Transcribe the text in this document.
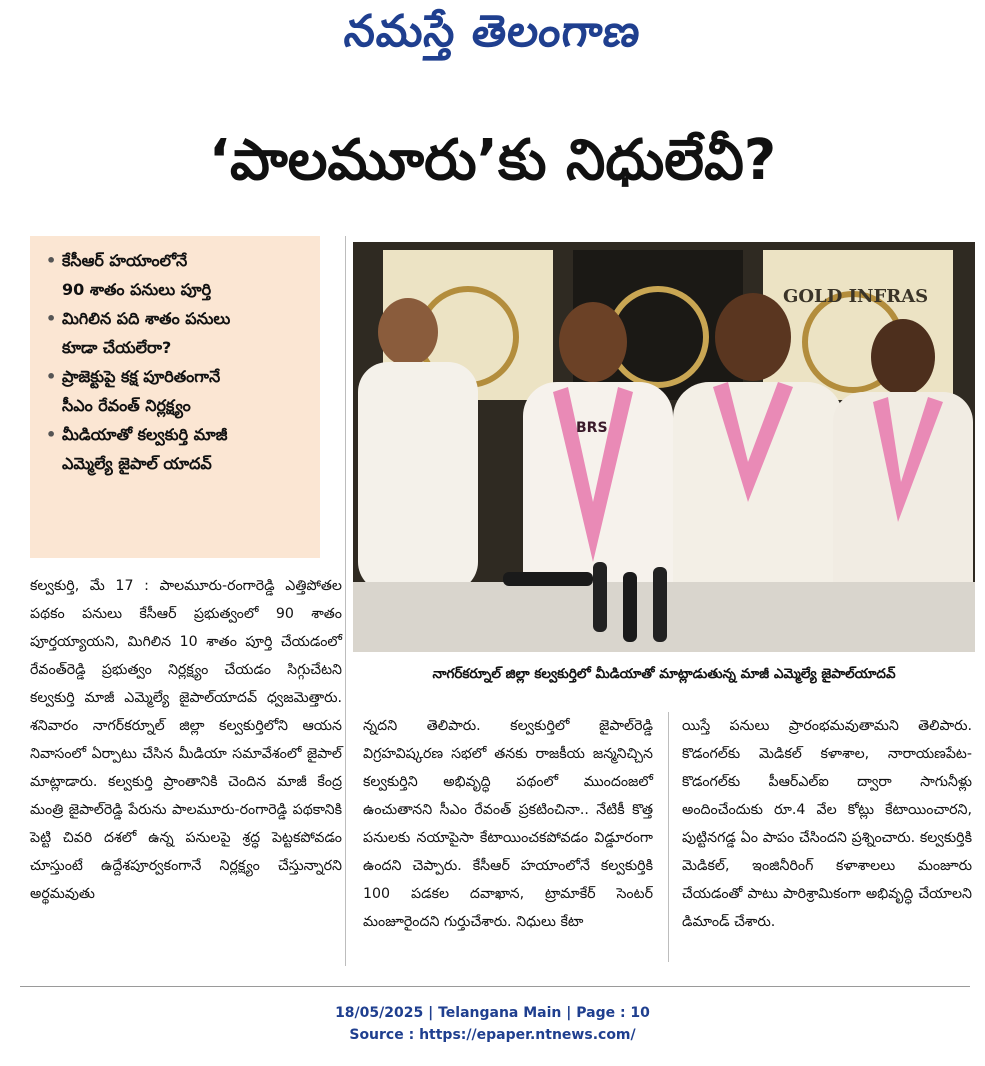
నమస్తే తెలంగాణ
‘పాలమూరు’కు నిధులేవీ?
• కేసీఆర్ హయాంలోనే
90 శాతం పనులు పూర్తి
• మిగిలిన పది శాతం పనులు
కూడా చేయలేరా?
• ప్రాజెక్టుపై కక్ష పూరితంగానే
సీఎం రేవంత్ నిర్లక్ష్యం
• మీడియాతో కల్వకుర్తి మాజీ
ఎమ్మెల్యే జైపాల్ యాదవ్
GOLD INFRAS
BRS
నాగర్‌కర్నూల్ జిల్లా కల్వకుర్తిలో మీడియాతో మాట్లాడుతున్న మాజీ ఎమ్మెల్యే జైపాల్‌యాదవ్

కల్వకుర్తి, మే 17 : పాలమూరు-రంగారెడ్డి ఎత్తిపోతల పథకం పనులు కేసీఆర్ ప్రభుత్వంలో 90 శాతం పూర్తయ్యాయని, మిగిలిన 10 శాతం పూర్తి చేయడంలో రేవంత్‌రెడ్డి ప్రభుత్వం నిర్లక్ష్యం చేయడం సిగ్గుచేటని కల్వకుర్తి మాజీ ఎమ్మెల్యే జైపాల్‌యాదవ్ ధ్వజమెత్తారు. శనివారం నాగర్‌కర్నూల్ జిల్లా కల్వకుర్తిలోని ఆయన నివాసంలో ఏర్పాటు చేసిన మీడియా సమావేశంలో జైపాల్ మాట్లాడారు. కల్వకుర్తి ప్రాంతానికి చెందిన మాజీ కేంద్ర మంత్రి జైపాల్‌రెడ్డి పేరును పాలమూరు-రంగారెడ్డి పథకానికి పెట్టి చివరి దశలో ఉన్న పనులపై శ్రద్ధ పెట్టకపోవడం చూస్తుంటే ఉద్దేశపూర్వకంగానే నిర్లక్ష్యం చేస్తున్నారని అర్థమవుతు

న్నదని తెలిపారు. కల్వకుర్తిలో జైపాల్‌రెడ్డి విగ్రహవిష్కరణ సభలో తనకు రాజకీయ జన్మనిచ్చిన కల్వకుర్తిని అభివృద్ధి పథంలో ముందంజలో ఉంచుతానని సీఎం రేవంత్ ప్రకటించినా.. నేటికీ కొత్త పనులకు నయాపైసా కేటాయించకపోవడం విడ్డూరంగా ఉందని చెప్పారు. కేసీఆర్ హయాంలోనే కల్వకుర్తికి 100 పడకల దవాఖాన, ట్రామాకేర్ సెంటర్ మంజూరైందని గుర్తుచేశారు. నిధులు కేటా

యిస్తే పనులు ప్రారంభమవుతామని తెలిపారు. కొడంగల్‌కు మెడికల్ కళాశాల, నారాయణపేట-కొడంగల్‌కు పీఆర్‌ఎల్‌ఐ ద్వారా సాగునీళ్లు అందించేందుకు రూ.4 వేల కోట్లు కేటాయించారని, పుట్టినగడ్డ ఏం పాపం చేసిందని ప్రశ్నించారు. కల్వకుర్తికి మెడికల్, ఇంజినీరింగ్ కళాశాలలు మంజూరు చేయడంతో పాటు పారిశ్రామికంగా అభివృద్ధి చేయాలని డిమాండ్ చేశారు.

18/05/2025 | Telangana Main | Page : 10
Source : https://epaper.ntnews.com/
